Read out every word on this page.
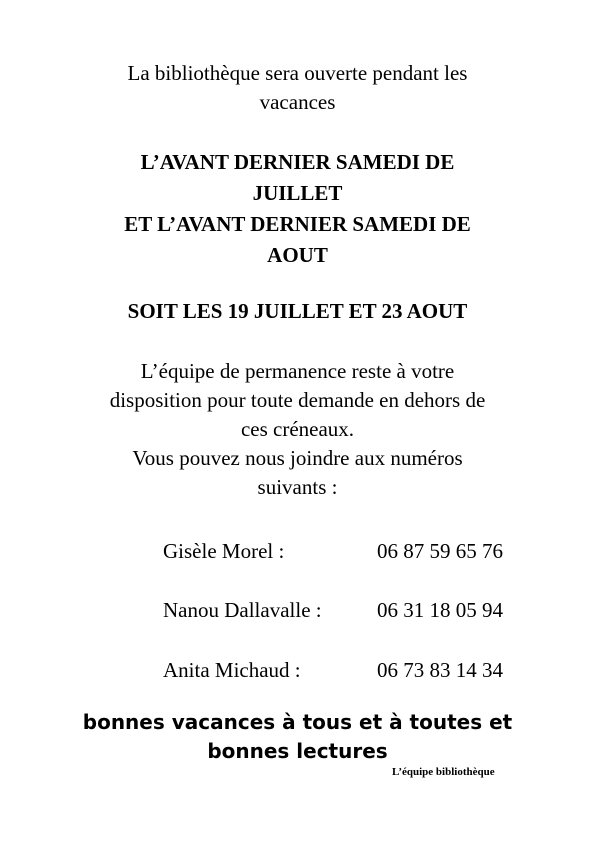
La bibliothèque sera ouverte pendant les
vacances
L’AVANT DERNIER SAMEDI DE
JUILLET
ET L’AVANT DERNIER SAMEDI DE
AOUT
SOIT LES 19 JUILLET ET 23 AOUT
L’équipe de permanence reste à votre
disposition pour toute demande en dehors de
ces créneaux.
Vous pouvez nous joindre aux numéros
suivants :
Gisèle Morel :	06 87 59 65 76
Nanou Dallavalle :	06 31 18 05 94
Anita Michaud :	06 73 83 14 34
bonnes vacances à tous et à toutes et
bonnes lectures
L’équipe bibliothèque
